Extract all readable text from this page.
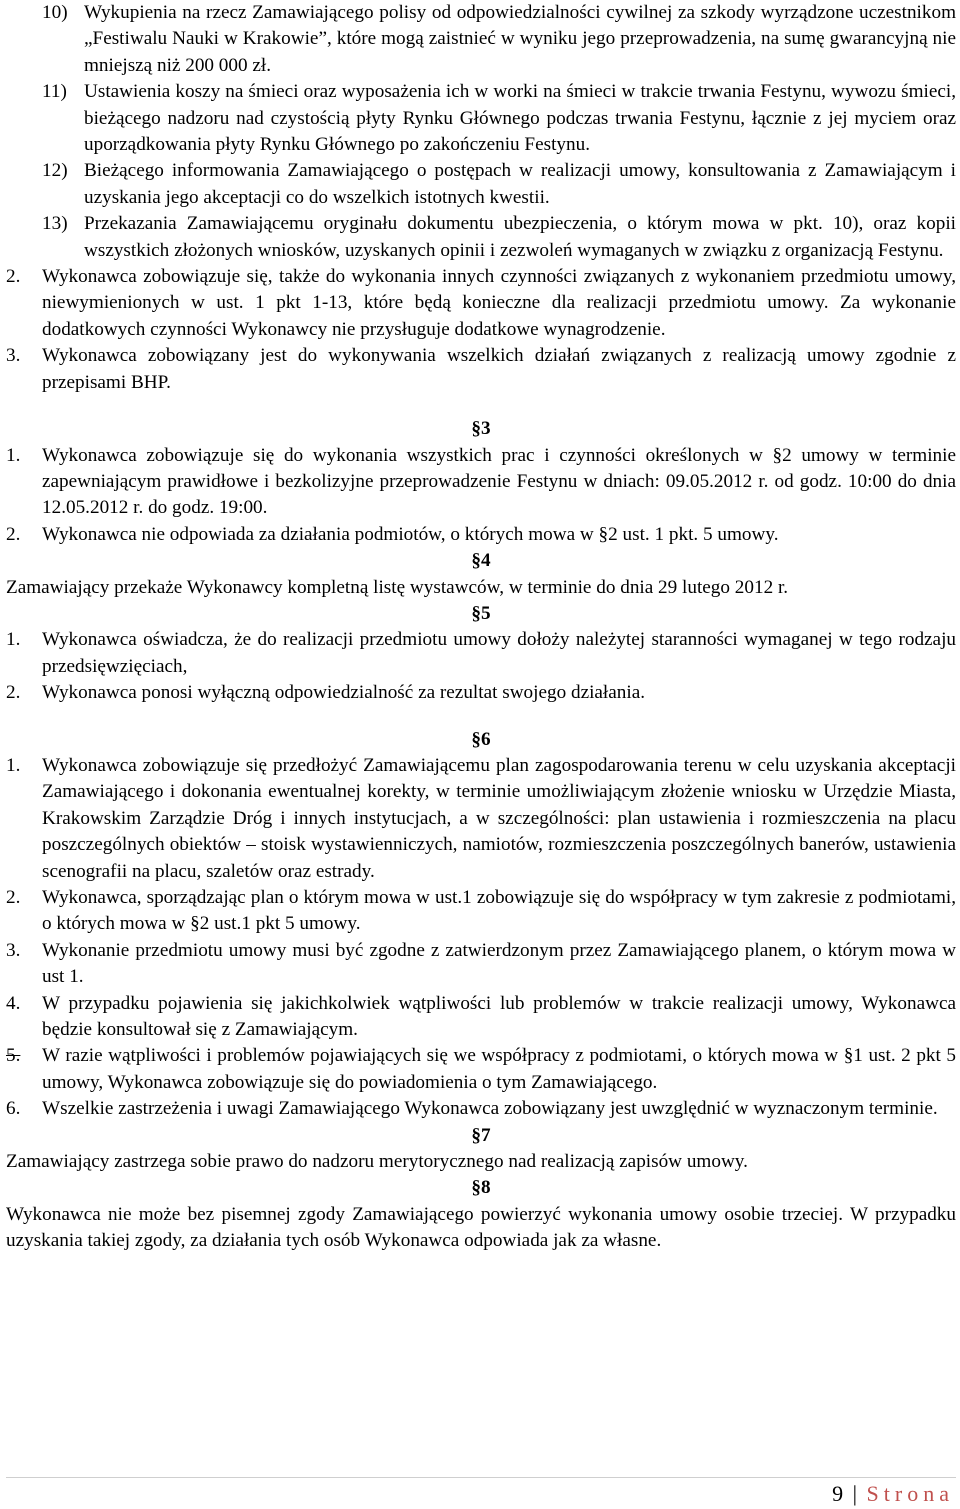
10) Wykupienia na rzecz Zamawiającego polisy od odpowiedzialności cywilnej za szkody wyrządzone uczestnikom „Festiwalu Nauki w Krakowie”, które mogą zaistnieć w wyniku jego przeprowadzenia, na sumę gwarancyjną nie mniejszą niż 200 000 zł.
11) Ustawienia koszy na śmieci oraz wyposażenia ich w worki na śmieci w trakcie trwania Festynu, wywozu śmieci, bieżącego nadzoru nad czystością płyty Rynku Głównego podczas trwania Festynu, łącznie z jej myciem oraz uporządkowania płyty Rynku Głównego po zakończeniu Festynu.
12) Bieżącego informowania Zamawiającego o postępach w realizacji umowy, konsultowania z Zamawiającym i uzyskania jego akceptacji co do wszelkich istotnych kwestii.
13) Przekazania Zamawiającemu oryginału dokumentu ubezpieczenia, o którym mowa w pkt. 10), oraz kopii wszystkich złożonych wniosków, uzyskanych opinii i zezwoleń wymaganych w związku z organizacją Festynu.
2.	Wykonawca zobowiązuje się, także do wykonania innych czynności związanych z wykonaniem przedmiotu umowy, niewymienionych w ust. 1 pkt 1-13, które będą konieczne dla realizacji przedmiotu umowy. Za wykonanie dodatkowych czynności Wykonawcy nie przysługuje dodatkowe wynagrodzenie.
3.	Wykonawca zobowiązany jest do wykonywania wszelkich działań związanych z realizacją umowy zgodnie z przepisami BHP.
§3
1.	Wykonawca zobowiązuje się do wykonania wszystkich prac i czynności określonych w §2 umowy w terminie zapewniającym prawidłowe i bezkolizyjne przeprowadzenie Festynu w dniach: 09.05.2012 r. od godz. 10:00 do dnia 12.05.2012 r. do godz. 19:00.
2.	Wykonawca nie odpowiada za działania podmiotów, o których mowa w §2 ust. 1 pkt. 5 umowy.
§4
Zamawiający przekaże Wykonawcy kompletną listę wystawców, w terminie do dnia 29 lutego 2012 r.
§5
1.	Wykonawca oświadcza, że do realizacji przedmiotu umowy dołoży należytej staranności wymaganej w tego rodzaju przedsięwzięciach,
2.	Wykonawca ponosi wyłączną odpowiedzialność za rezultat swojego działania.
§6
1.	Wykonawca zobowiązuje się przedłożyć Zamawiającemu plan zagospodarowania terenu w celu uzyskania akceptacji Zamawiającego i dokonania ewentualnej korekty, w terminie umożliwiającym złożenie wniosku w Urzędzie Miasta, Krakowskim Zarządzie Dróg i innych instytucjach, a w szczególności: plan ustawienia i rozmieszczenia na placu poszczególnych obiektów – stoisk wystawienniczych, namiotów, rozmieszczenia poszczególnych banerów, ustawienia scenografii na placu, szaletów oraz estrady.
2.	Wykonawca, sporządzając plan o którym mowa w ust.1 zobowiązuje się do współpracy w tym zakresie z podmiotami, o których mowa w §2 ust.1 pkt 5 umowy.
3.	Wykonanie przedmiotu umowy musi być zgodne z zatwierdzonym przez Zamawiającego planem, o którym mowa w ust 1.
4.	W przypadku pojawienia się jakichkolwiek wątpliwości lub problemów w trakcie realizacji umowy, Wykonawca będzie konsultował się z Zamawiającym.
5.	W razie wątpliwości i problemów pojawiających się we współpracy z podmiotami, o których mowa w §1 ust. 2 pkt 5 umowy, Wykonawca zobowiązuje się do powiadomienia o tym Zamawiającego.
6.	Wszelkie zastrzeżenia i uwagi Zamawiającego Wykonawca zobowiązany jest uwzględnić w wyznaczonym terminie.
§7
Zamawiający zastrzega sobie prawo do nadzoru merytorycznego nad realizacją zapisów umowy.
§8
Wykonawca nie może bez pisemnej zgody Zamawiającego powierzyć wykonania umowy osobie trzeciej. W przypadku uzyskania takiej zgody, za działania tych osób Wykonawca odpowiada jak za własne.
9 | Strona
